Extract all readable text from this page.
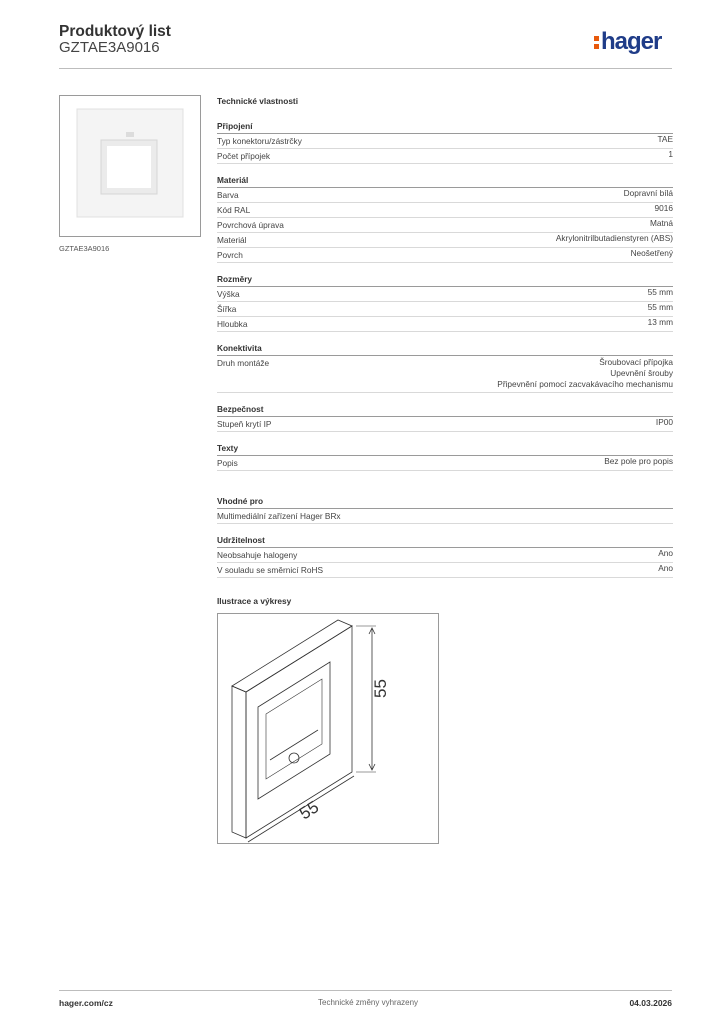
Produktový list
GZTAE3A9016	hager
GZTAE3A9016
Technické vlastnosti
Připojení
Typ konektoru/zástrčky	TAE
Počet přípojek	1
Materiál
Barva	Dopravní bílá
Kód RAL	9016
Povrchová úprava	Matná
Materiál	Akrylonitrilbutadienstyren (ABS)
Povrch	Neošetřený
Rozměry
Výška	55 mm
Šířka	55 mm
Hloubka	13 mm
Konektivita
Druh montáže	Šroubovací přípojka
Upevnění šrouby
Připevnění pomocí zacvakávacího mechanismu
Bezpečnost
Stupeň krytí IP	IP00
Texty
Popis	Bez pole pro popis
Vhodné pro
Multimediální zařízení Hager BRx
Udržitelnost
Neobsahuje halogeny	Ano
V souladu se směrnicí RoHS	Ano
Ilustrace a výkresy
55
55
hager.com/cz	Technické změny vyhrazeny	04.03.2026
